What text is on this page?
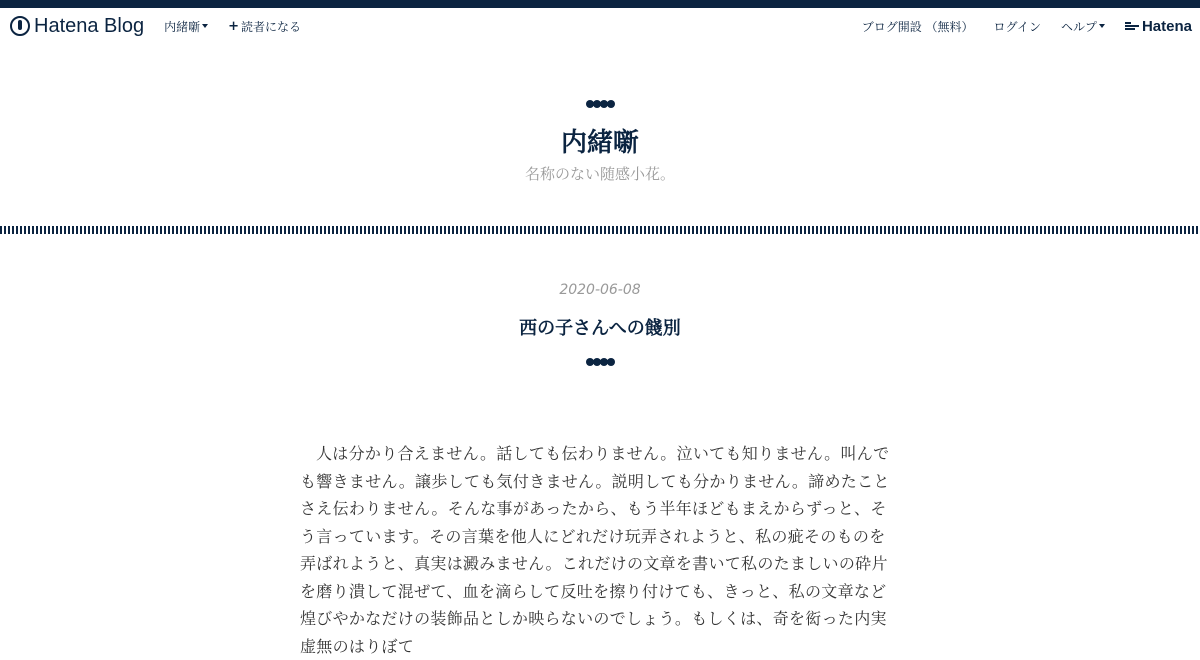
Hatena Blog 内緒噺 + 読者になる	ブログ開設 （無料） ログイン ヘルプ	Hatena
内緒噺
名称のない随感小花。
2020-06-08
西の子さんへの餞別
人は分かり合えません。話しても伝わりません。泣いても知りません。叫んでも響きません。譲歩しても気付きません。説明しても分かりません。諦めたことさえ伝わりません。そんな事があったから、もう半年ほどもまえからずっと、そう言っています。その言葉を他人にどれだけ玩弄されようと、私の疵そのものを弄ばれようと、真実は澱みません。これだけの文章を書いて私のたましいの砕片を磨り潰して混ぜて、血を滴らして反吐を擦り付けても、きっと、私の文章など煌びやかなだけの装飾品としか映らないのでしょう。もしくは、奇を衒った内実虚無のはりぼて
